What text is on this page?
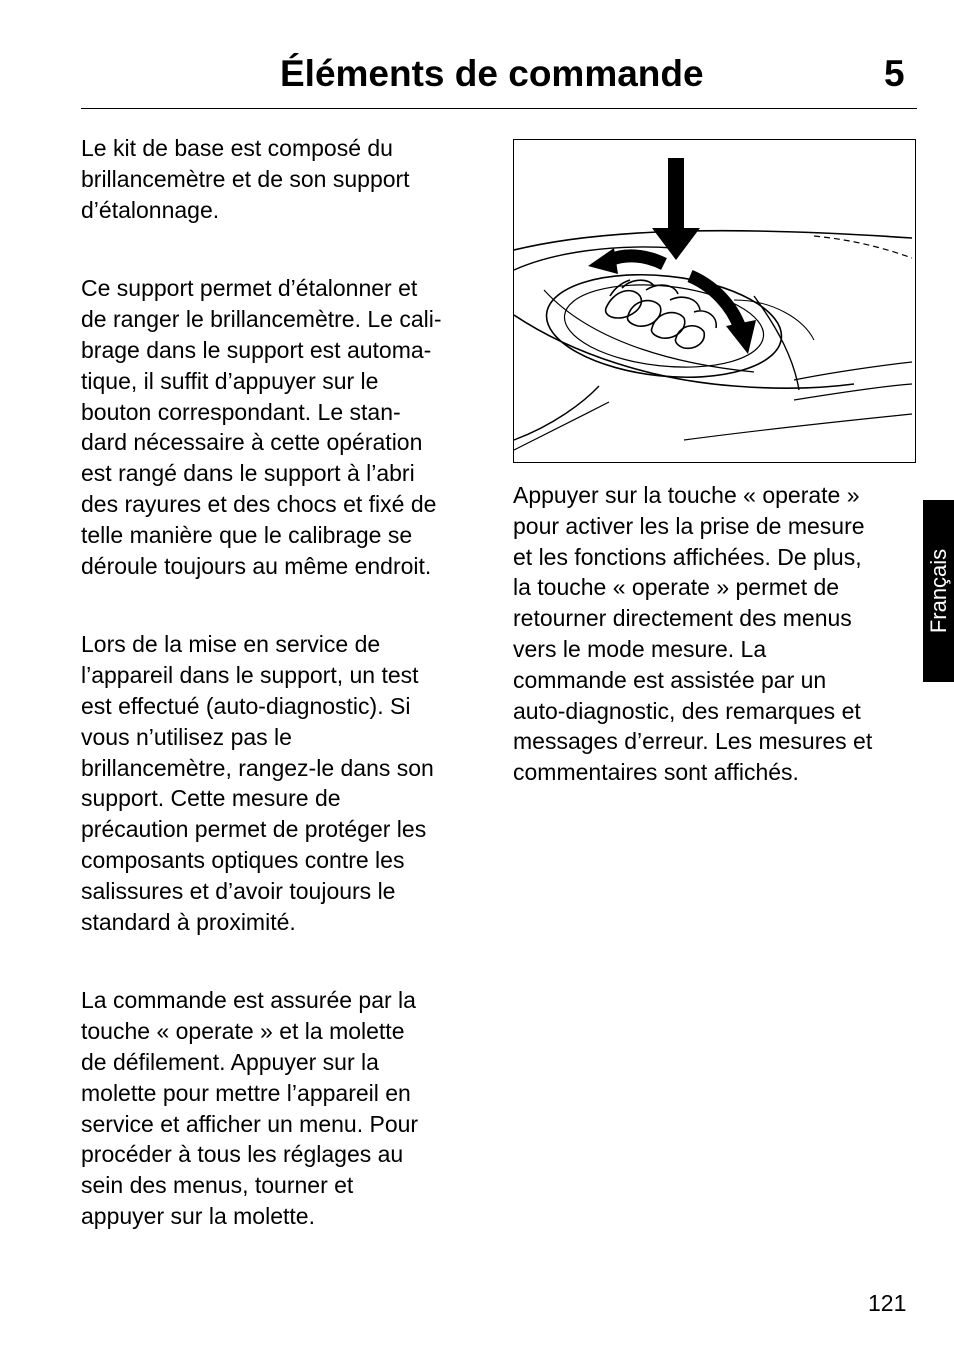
Éléments de commande	5

Le kit de base est composé du
brillancemètre et de son support
d’étalonnage.

Ce support permet d’étalonner et
de ranger le brillancemètre. Le cali-
brage dans le support est automa-
tique, il suffit d’appuyer sur le
bouton correspondant. Le stan-
dard nécessaire à cette opération
est rangé dans le support à l’abri
des rayures et des chocs et fixé de
telle manière que le calibrage se
déroule toujours au même endroit.

Lors de la mise en service de
l’appareil dans le support, un test
est effectué (auto-diagnostic). Si
vous n’utilisez pas le
brillancemètre, rangez-le dans son
support. Cette mesure de
précaution permet de protéger les
composants optiques contre les
salissures et d’avoir toujours le
standard à proximité.

La commande est assurée par la
touche « operate » et la molette
de défilement. Appuyer sur la
molette pour mettre l’appareil en
service et afficher un menu. Pour
procéder à tous les réglages au
sein des menus, tourner et
appuyer sur la molette.

Appuyer sur la touche « operate »
pour activer les la prise de mesure
et les fonctions affichées. De plus,
la touche « operate » permet de
retourner directement des menus
vers le mode mesure. La
commande est assistée par un
auto-diagnostic, des remarques et
messages d’erreur. Les mesures et
commentaires sont affichés.

Français
121
